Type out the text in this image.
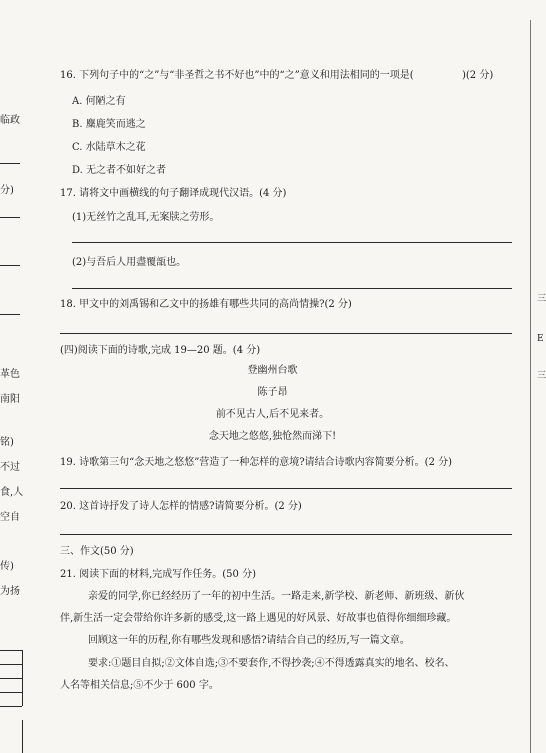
临政
分)
革色
南阳
铭)
不过
食,人
空自
传)
为扬
三
E
三
16. 下列句子中的“之”与“非圣哲之书不好也”中的“之”意义和用法相同的一项是(	)(2 分)
A. 何陋之有
B. 麋鹿笑而逃之
C. 水陆草木之花
D. 无之者不如好之者
17. 请将文中画横线的句子翻译成现代汉语。(4 分)
(1)无丝竹之乱耳,无案牍之劳形。
(2)与吾后人用盡覆瓿也。
18. 甲文中的刘禹锡和乙文中的扬雄有哪些共同的高尚情操?(2 分)
(四)阅读下面的诗歌,完成 19—20 题。(4 分)
登幽州台歌
陈子昂
前不见古人,后不见来者。
念天地之悠悠,独怆然而涕下!
19. 诗歌第三句“念天地之悠悠”营造了一种怎样的意境?请结合诗歌内容简要分析。(2 分)
20. 这首诗抒发了诗人怎样的情感?请简要分析。(2 分)
三、作文(50 分)
21. 阅读下面的材料,完成写作任务。(50 分)
亲爱的同学,你已经经历了一年的初中生活。一路走来,新学校、新老师、新班级、新伙
伴,新生活一定会带给你许多新的感受,这一路上遇见的好风景、好故事也值得你细细珍藏。
回顾这一年的历程,你有哪些发现和感悟?请结合自己的经历,写一篇文章。
要求:①题目自拟;②文体自选;③不要套作,不得抄袭;④不得透露真实的地名、校名、
人名等相关信息;⑤不少于 600 字。
